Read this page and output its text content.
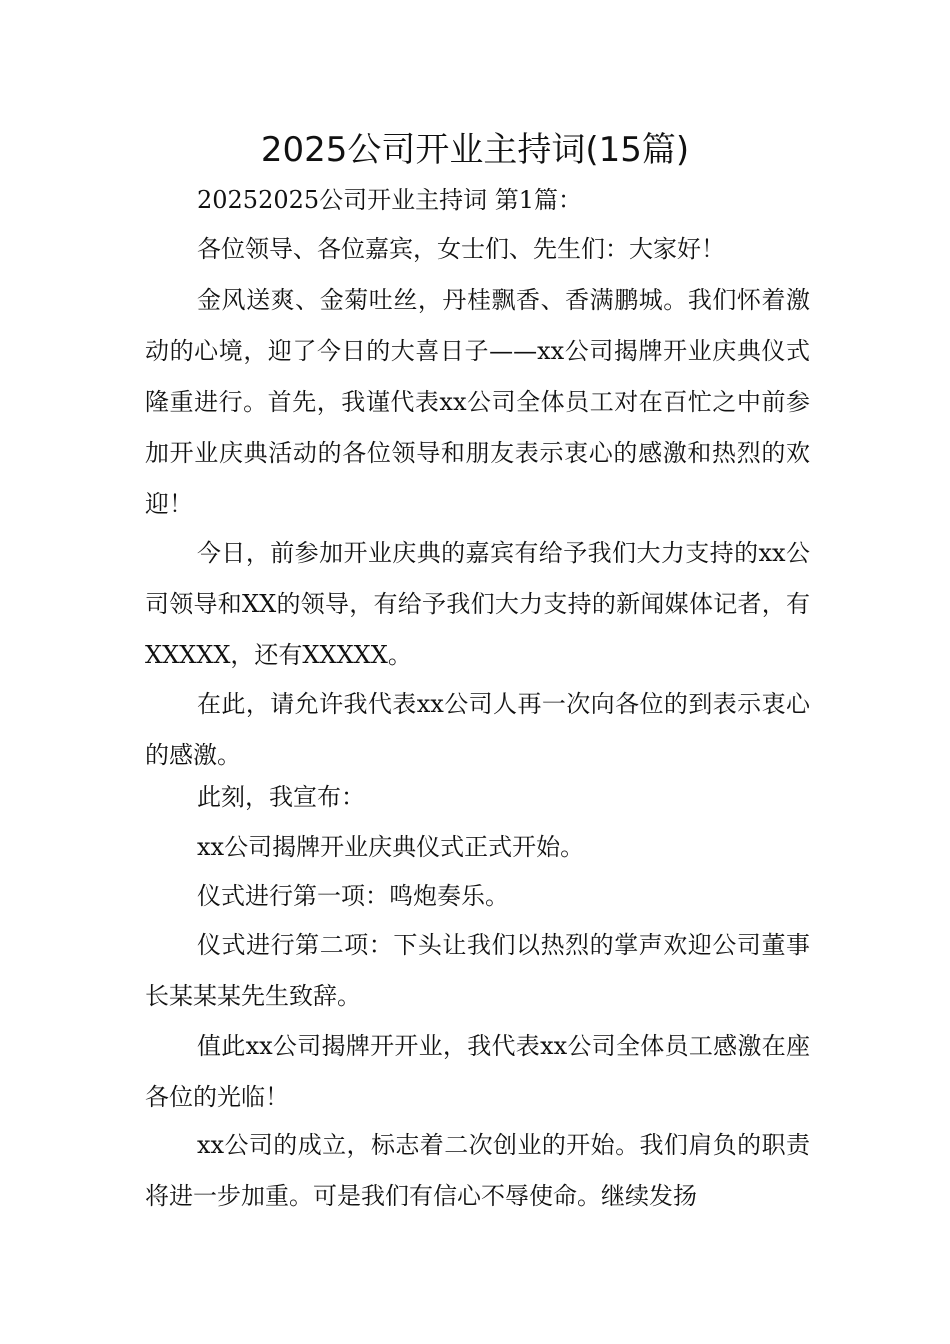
2025公司开业主持词(15篇)

20252025公司开业主持词 第1篇：

各位领导、各位嘉宾，女士们、先生们：大家好！

金风送爽、金菊吐丝，丹桂飘香、香满鹏城。我们怀着激动的心境，迎了今日的大喜日子——xx公司揭牌开业庆典仪式隆重进行。首先，我谨代表xx公司全体员工对在百忙之中前参加开业庆典活动的各位领导和朋友表示衷心的感激和热烈的欢迎！

今日，前参加开业庆典的嘉宾有给予我们大力支持的xx公司领导和XX的领导，有给予我们大力支持的新闻媒体记者，有XXXXX，还有XXXXX。

在此，请允许我代表xx公司人再一次向各位的到表示衷心的感激。

此刻，我宣布：

xx公司揭牌开业庆典仪式正式开始。

仪式进行第一项：鸣炮奏乐。

仪式进行第二项：下头让我们以热烈的掌声欢迎公司董事长某某某先生致辞。

值此xx公司揭牌开开业，我代表xx公司全体员工感激在座各位的光临！

xx公司的成立，标志着二次创业的开始。我们肩负的职责将进一步加重。可是我们有信心不辱使命。继续发扬
